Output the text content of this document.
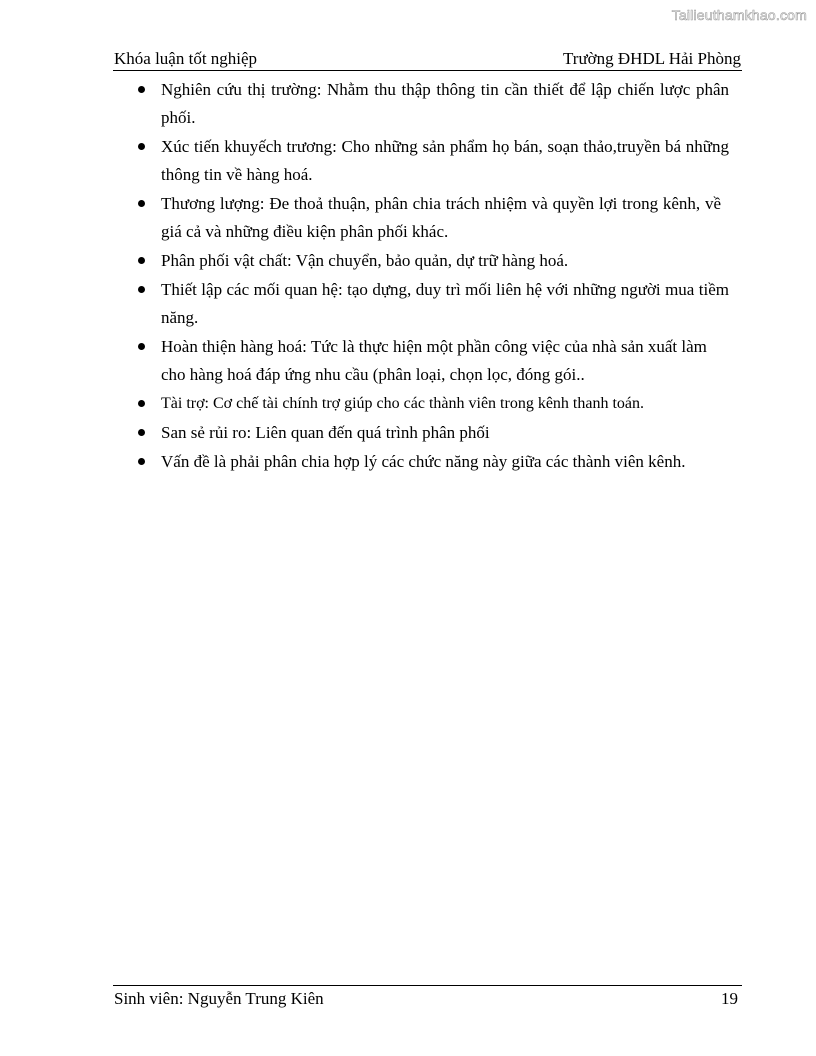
Tailieuthamkhao.com
Khóa luận tốt nghiệp	Trường ĐHDL Hải Phòng
Nghiên cứu thị trường: Nhằm thu thập thông tin cần thiết để lập chiến lược phân phối.
Xúc tiến khuyếch trương: Cho những sản phẩm họ bán, soạn thảo,truyền bá những thông tin về hàng hoá.
Thương lượng: Đe thoả thuận, phân chia trách nhiệm và quyền lợi trong kênh, về giá cả và những điều kiện phân phối khác.
Phân phối vật chất: Vận chuyển, bảo quản, dự trữ hàng hoá.
Thiết lập các mối quan hệ: tạo dựng, duy trì mối liên hệ với những người mua tiềm năng.
Hoàn thiện hàng hoá: Tức là thực hiện một phần công việc của nhà sản xuất làm cho hàng hoá đáp ứng nhu cầu (phân loại, chọn lọc, đóng gói..
Tài trợ: Cơ chế tài chính trợ giúp cho các thành viên trong kênh thanh toán.
San sẻ rủi ro: Liên quan đến quá trình phân phối
Vấn đề là phải phân chia hợp lý các chức năng này giữa các thành viên kênh.
Sinh viên: Nguyễn Trung Kiên	19
